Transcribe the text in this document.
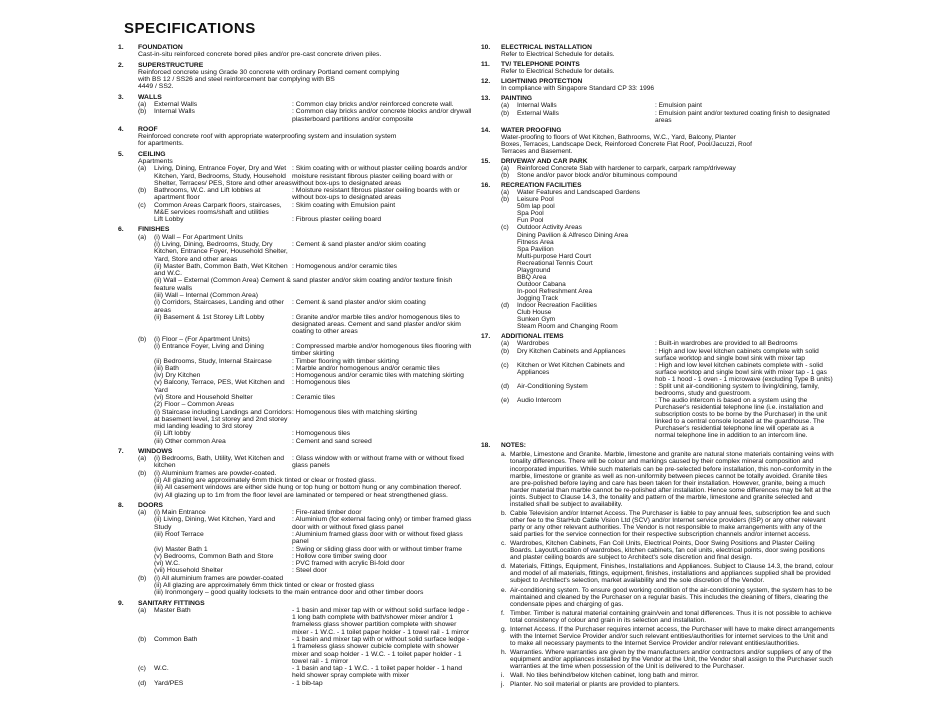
SPECIFICATIONS
1.	FOUNDATION
Cast-in-situ reinforced concrete bored piles and/or pre-cast concrete driven piles.
2.	SUPERSTRUCTURE
Reinforced concrete using Grade 30 concrete with ordinary Portland cement complying
with BS 12 / SS26 and steel reinforcement bar complying with BS
4449 / SS2.
3.	WALLS
(a)	External Walls	: Common clay bricks and/or reinforced concrete wall.
(b)	Internal Walls	: Common clay bricks and/or concrete blocks and/or drywall plasterboard partitions and/or composite
4.	ROOF
Reinforced concrete roof with appropriate waterproofing system and insulation system
for apartments.
5.	CEILING
Apartments
(a)	Living, Dining, Entrance Foyer, Dry and Wet Kitchen, Yard, Bedrooms, Study, Household Shelter, Terraces/ PES, Store and other areas
: Skim coating with or without plaster ceiling boards and/or moisture resistant fibrous plaster ceiling board with or without box-ups to designated areas
(b)	Bathrooms, W.C. and Lift lobbies at apartment floor
: Moisture resistant fibrous plaster ceiling boards with or without box-ups to designated areas
(c)	Common Areas Carpark floors, staircases, M&E services rooms/shaft and utilities
: Skim coating with Emulsion paint
Lift Lobby	: Fibrous plaster ceiling board
6.	FINISHES
(a)	(i) Wall – For Apartment Units
(i) Living, Dining, Bedrooms, Study, Dry Kitchen, Entrance Foyer, Household Shelter, Yard, Store and other areas
: Cement & sand plaster and/or skim coating
(ii) Master Bath, Common Bath, Wet Kitchen and W.C.
: Homogenous and/or ceramic tiles
(ii) Wall – External (Common Area) Cement & sand plaster and/or skim coating and/or texture finish feature walls
(iii) Wall – Internal (Common Area)
(i) Corridors, Staircases, Landing and other areas
: Cement & sand plaster and/or skim coating
(ii) Basement & 1st Storey Lift Lobby	: Granite and/or marble tiles and/or homogenous tiles to designated areas. Cement and sand plaster and/or skim coating to other areas
(b)	(i) Floor – (For Apartment Units)
(i) Entrance Foyer, Living and Dining	: Compressed marble and/or homogenous tiles flooring with timber skirting
(ii) Bedrooms, Study, Internal Staircase	: Timber flooring with timber skirting
(iii) Bath	: Marble and/or homogenous and/or ceramic tiles
(iv) Dry Kitchen	: Homogenous and/or ceramic tiles with matching skirting
(v) Balcony, Terrace, PES, Wet Kitchen and Yard
: Homogenous tiles
(vi) Store and Household Shelter	: Ceramic tiles
(2) Floor – Common Areas
(i) Staircase including Landings and Corridors at basement level, 1st storey and 2nd storey mid landing leading to 3rd storey
: Homogenous tiles with matching skirting
(ii) Lift lobby	: Homogenous tiles
(iii) Other common Area	: Cement and sand screed
7.	WINDOWS
(a)	(i) Bedrooms, Bath, Utility, Wet Kitchen and kitchen
: Glass window with or without frame with or without fixed glass panels
(b)	(i) Aluminium frames are powder-coated.
(ii) All glazing are approximately 6mm thick tinted or clear or frosted glass.
(iii) All casement windows are either side hung or top hung or bottom hung or any combination thereof.
(iv) All glazing up to 1m from the floor level are laminated or tempered or heat strengthened glass.
8.	DOORS
(a)	(i) Main Entrance	: Fire-rated timber door
(ii) Living, Dining, Wet Kitchen, Yard and Study
: Aluminium (for external facing only) or timber framed glass door with or without fixed glass panel
(iii) Roof Terrace	: Aluminium framed glass door with or without fixed glass panel
(iv) Master Bath 1	: Swing or sliding glass door with or without timber frame
(v) Bedrooms, Common Bath and Store	: Hollow core timber swing door
(vi) W.C.	: PVC framed with acrylic Bi-fold door
(vii) Household Shelter	: Steel door
(b)	(i) All aluminium frames are powder-coated
(ii) All glazing are approximately 6mm thick tinted or clear or frosted glass
(iii) Ironmongery – good quality locksets to the main entrance door and other timber doors
9.	SANITARY FITTINGS
(a)	Master Bath	- 1 basin and mixer tap with or without solid surface ledge - 1 long bath complete with bath/shower mixer and/or 1 frameless glass shower partition complete with shower mixer - 1 W.C. - 1 toilet paper holder - 1 towel rail - 1 mirror
(b)	Common Bath	- 1 basin and mixer tap with or without solid surface ledge - 1 frameless glass shower cubicle complete with shower mixer and soap holder - 1 W.C. - 1 toilet paper holder - 1 towel rail - 1 mirror
(c)	W.C.	- 1 basin and tap - 1 W.C. - 1 toilet paper holder - 1 hand held shower spray complete with mixer
(d)	Yard/PES	- 1 bib-tap
10.	ELECTRICAL INSTALLATION
Refer to Electrical Schedule for details.
11.	TV/ TELEPHONE POINTS
Refer to Electrical Schedule for details.
12.	LIGHTNING PROTECTION
In compliance with Singapore Standard CP 33: 1996
13.	PAINTING
(a)	Internal Walls	: Emulsion paint
(b)	External Walls	: Emulsion paint and/or textured coating finish to designated areas
14.	WATER PROOFING
Water-proofing to floors of Wet Kitchen, Bathrooms, W.C., Yard, Balcony, Planter
Boxes, Terraces, Landscape Deck, Reinforced Concrete Flat Roof, Pool/Jacuzzi, Roof
Terraces and Basement.
15.	DRIVEWAY AND CAR PARK
(a)	Reinforced Concrete Slab with hardener to carpark, carpark ramp/driveway
(b)	Stone and/or pavor block and/or bituminous compound
16.	RECREATION FACILITIES
(a)	Water Features and Landscaped Gardens
(b)	Leisure Pool
50m lap pool
Spa Pool
Fun Pool
(c)	Outdoor Activity Areas
Dining Pavilion & Alfresco Dining Area
Fitness Area
Spa Pavilion
Multi-purpose Hard Court
Recreational Tennis Court
Playground
BBQ Area
Outdoor Cabana
In-pool Refreshment Area
Jogging Track
(d)	Indoor Recreation Facilities
Club House
Sunken Gym
Steam Room and Changing Room
17.	ADDITIONAL ITEMS
(a)	Wardrobes	: Built-in wardrobes are provided to all Bedrooms
(b)	Dry Kitchen Cabinets and Appliances	: High and low level kitchen cabinets complete with solid surface worktop and single bowl sink with mixer tap
(c)	Kitchen or Wet Kitchen Cabinets and Appliances
: High and low level kitchen cabinets complete with - solid surface worktop and single bowl sink with mixer tap - 1 gas hob - 1 hood - 1 oven - 1 microwave (excluding Type B units)
(d)	Air-Conditioning System	: Split unit air-conditioning system to living/dining, family, bedrooms, study and guestroom.
(e)	Audio Intercom	: The audio intercom is based on a system using the Purchaser's residential telephone line (i.e. installation and subscription costs to be borne by the Purchaser) in the unit linked to a central console located at the guardhouse. The Purchaser's residential telephone line will operate as a normal telephone line in addition to an intercom line.
18.	NOTES:
a. Marble, Limestone and Granite. Marble, limestone and granite are natural stone materials containing veins with tonality differences. There will be colour and markings caused by their complex mineral composition and incorporated impurities. While such materials can be pre-selected before installation, this non-conformity in the marble, limestone or granite as well as non-uniformity between pieces cannot be totally avoided. Granite tiles are pre-polished before laying and care has been taken for their installation. However, granite, being a much harder material than marble cannot be re-polished after installation. Hence some differences may be felt at the joints. Subject to Clause 14.3, the tonality and pattern of the marble, limestone and granite selected and installed shall be subject to availability.
b. Cable Television and/or Internet Access. The Purchaser is liable to pay annual fees, subscription fee and such other fee to the StarHub Cable Vision Ltd (SCV) and/or Internet service providers (ISP) or any other relevant party or any other relevant authorities. The Vendor is not responsible to make arrangements with any of the said parties for the service connection for their respective subscription channels and/or internet access.
c. Wardrobes, Kitchen Cabinets, Fan Coil Units, Electrical Points, Door Swing Positions and Plaster Ceiling Boards. Layout/Location of wardrobes, kitchen cabinets, fan coil units, electrical points, door swing positions and plaster ceiling boards are subject to Architect's sole discretion and final design.
d. Materials, Fittings, Equipment, Finishes, Installations and Appliances. Subject to Clause 14.3, the brand, colour and model of all materials, fittings, equipment, finishes, installations and appliances supplied shall be provided subject to Architect's selection, market availability and the sole discretion of the Vendor.
e. Air-conditioning system. To ensure good working condition of the air-conditioning system, the system has to be maintained and cleaned by the Purchaser on a regular basis. This includes the cleaning of filters, clearing the condensate pipes and charging of gas.
f. Timber. Timber is natural material containing grain/vein and tonal differences. Thus it is not possible to achieve total consistency of colour and grain in its selection and installation.
g. Internet Access. If the Purchaser requires internet access, the Purchaser will have to make direct arrangements with the Internet Service Provider and/or such relevant entities/authorities for internet services to the Unit and to make all necessary payments to the Internet Service Provider and/or relevant entities/authorities.
h. Warranties. Where warranties are given by the manufacturers and/or contractors and/or suppliers of any of the equipment and/or appliances installed by the Vendor at the Unit, the Vendor shall assign to the Purchaser such warranties at the time when possession of the Unit is delivered to the Purchaser.
i. Wall. No tiles behind/below kitchen cabinet, long bath and mirror.
j. Planter. No soil material or plants are provided to planters.
